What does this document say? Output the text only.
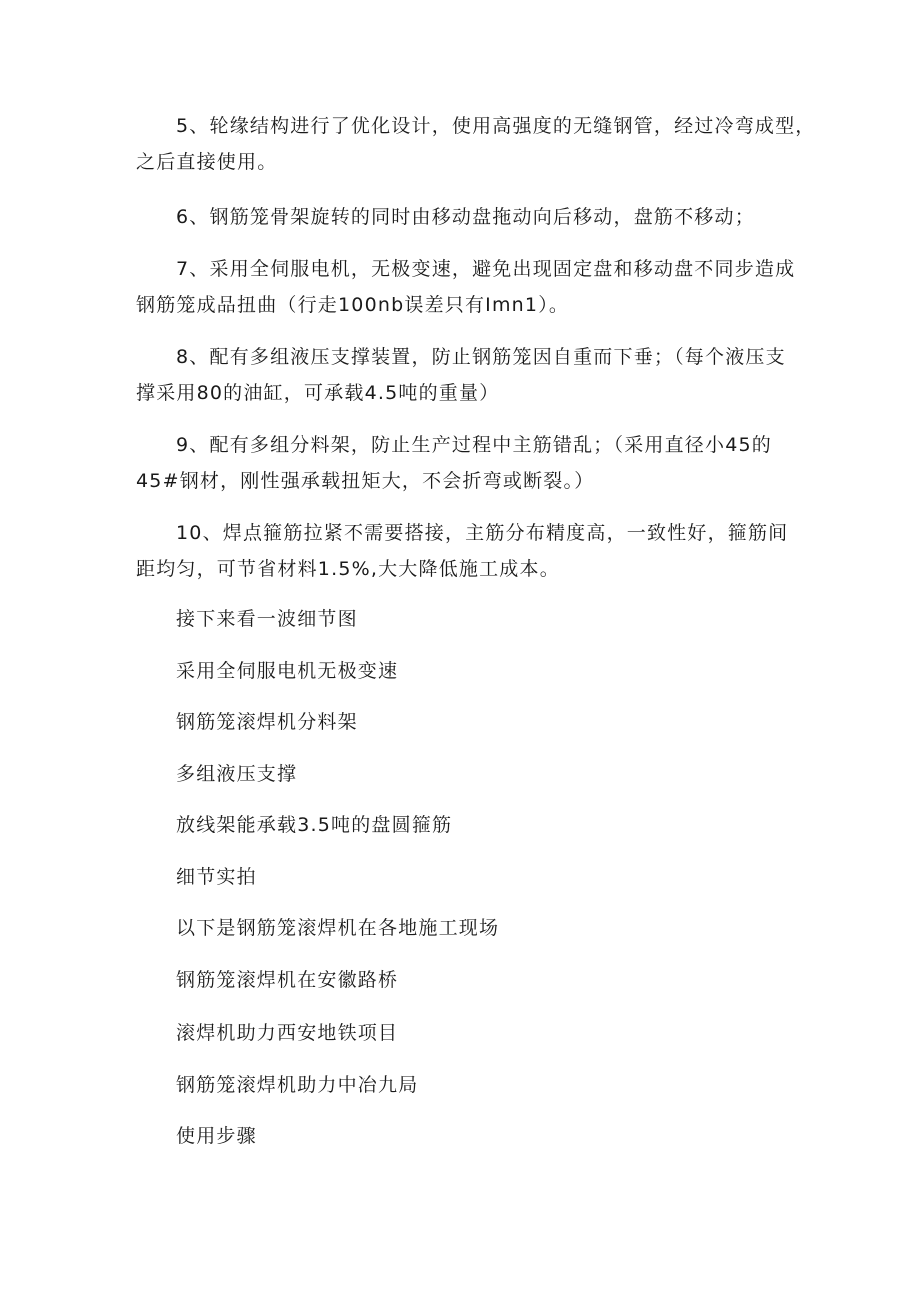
5、轮缘结构进行了优化设计，使用高强度的无缝钢管，经过冷弯成型，
之后直接使用。

6、钢筋笼骨架旋转的同时由移动盘拖动向后移动，盘筋不移动；

7、采用全伺服电机，无极变速，避免出现固定盘和移动盘不同步造成
钢筋笼成品扭曲（行走100nb误差只有Imn1）。

8、配有多组液压支撑装置，防止钢筋笼因自重而下垂；（每个液压支
撑采用80的油缸，可承载4.5吨的重量）

9、配有多组分料架，防止生产过程中主筋错乱；（采用直径小45的
45#钢材，刚性强承载扭矩大，不会折弯或断裂。）

10、焊点箍筋拉紧不需要搭接，主筋分布精度高，一致性好，箍筋间
距均匀，可节省材料1.5%,大大降低施工成本。

接下来看一波细节图

采用全伺服电机无极变速

钢筋笼滚焊机分料架

多组液压支撑

放线架能承载3.5吨的盘圆箍筋

细节实拍

以下是钢筋笼滚焊机在各地施工现场

钢筋笼滚焊机在安徽路桥

滚焊机助力西安地铁项目

钢筋笼滚焊机助力中冶九局

使用步骤
